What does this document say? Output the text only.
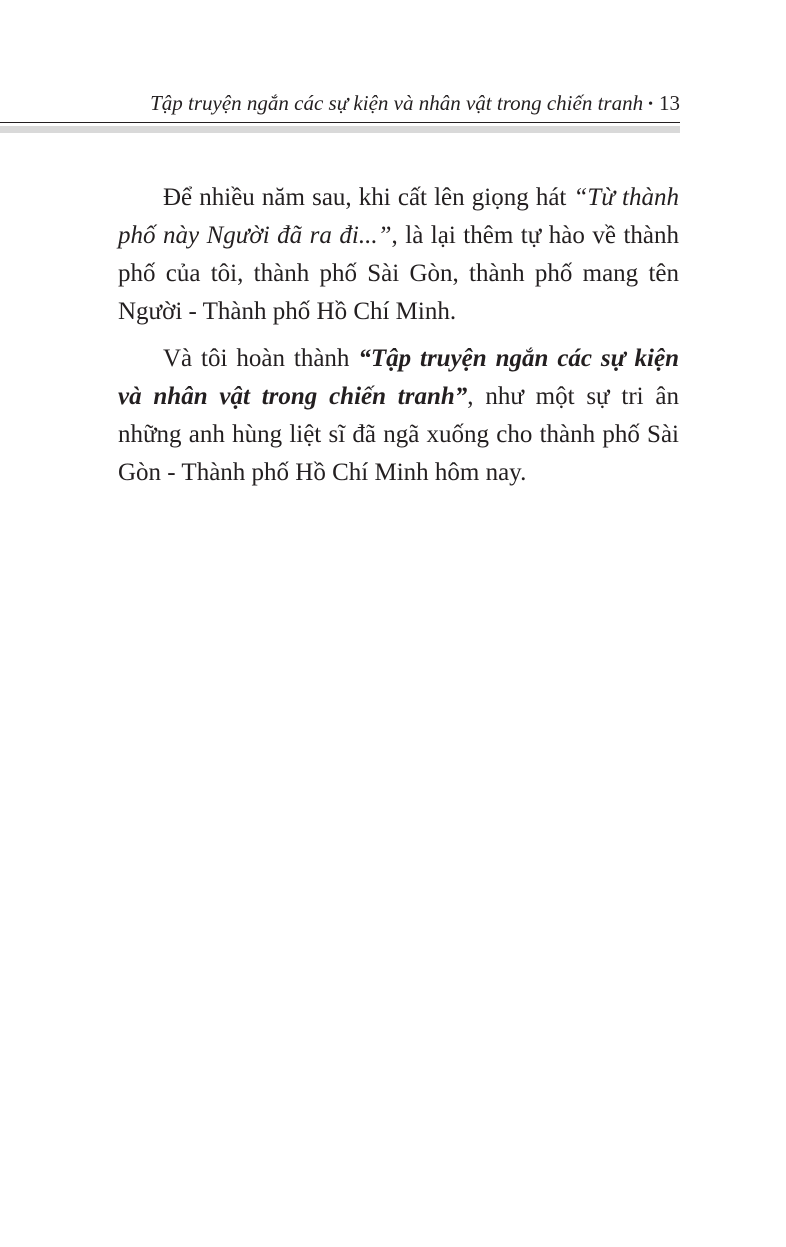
Tập truyện ngắn các sự kiện và nhân vật trong chiến tranh • 13

Để nhiều năm sau, khi cất lên giọng hát “Từ thành phố này Người đã ra đi...”, là lại thêm tự hào về thành phố của tôi, thành phố Sài Gòn, thành phố mang tên Người - Thành phố Hồ Chí Minh.

Và tôi hoàn thành “Tập truyện ngắn các sự kiện và nhân vật trong chiến tranh”, như một sự tri ân những anh hùng liệt sĩ đã ngã xuống cho thành phố Sài Gòn - Thành phố Hồ Chí Minh hôm nay.
